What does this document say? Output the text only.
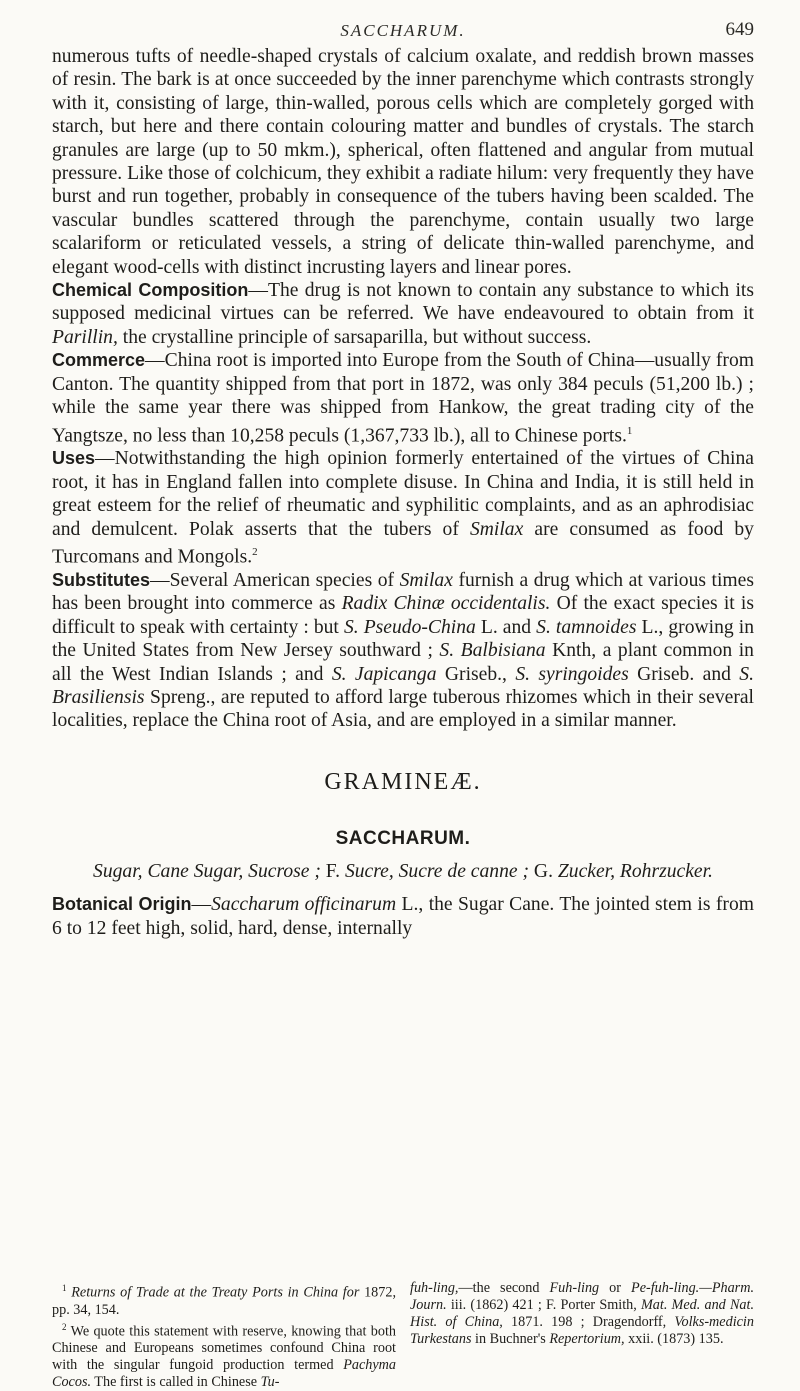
SACCHARUM.	649

numerous tufts of needle-shaped crystals of calcium oxalate, and reddish brown masses of resin. The bark is at once succeeded by the inner parenchyme which contrasts strongly with it, consisting of large, thin-walled, porous cells which are completely gorged with starch, but here and there contain colouring matter and bundles of crystals. The starch granules are large (up to 50 mkm.), spherical, often flattened and angular from mutual pressure. Like those of colchicum, they exhibit a radiate hilum: very frequently they have burst and run together, probably in consequence of the tubers having been scalded. The vascular bundles scattered through the parenchyme, contain usually two large scalariform or reticulated vessels, a string of delicate thin-walled parenchyme, and elegant wood-cells with distinct incrusting layers and linear pores.

Chemical Composition—The drug is not known to contain any substance to which its supposed medicinal virtues can be referred. We have endeavoured to obtain from it Parillin, the crystalline principle of sarsaparilla, but without success.

Commerce—China root is imported into Europe from the South of China—usually from Canton. The quantity shipped from that port in 1872, was only 384 peculs (51,200 lb.) ; while the same year there was shipped from Hankow, the great trading city of the Yangtsze, no less than 10,258 peculs (1,367,733 lb.), all to Chinese ports.$^1$

Uses—Notwithstanding the high opinion formerly entertained of the virtues of China root, it has in England fallen into complete disuse. In China and India, it is still held in great esteem for the relief of rheumatic and syphilitic complaints, and as an aphrodisiac and demulcent. Polak asserts that the tubers of Smilax are consumed as food by Turcomans and Mongols.$^2$

Substitutes—Several American species of Smilax furnish a drug which at various times has been brought into commerce as Radix Chinæ occidentalis. Of the exact species it is difficult to speak with certainty : but S. Pseudo-China L. and S. tamnoides L., growing in the United States from New Jersey southward ; S. Balbisiana Knth, a plant common in all the West Indian Islands ; and S. Japicanga Griseb., S. syringoides Griseb. and S. Brasiliensis Spreng., are reputed to afford large tuberous rhizomes which in their several localities, replace the China root of Asia, and are employed in a similar manner.

GRAMINEÆ.
SACCHARUM.

Sugar, Cane Sugar, Sucrose ; F. Sucre, Sucre de canne ; G. Zucker, Rohrzucker.

Botanical Origin—Saccharum officinarum L., the Sugar Cane. The jointed stem is from 6 to 12 feet high, solid, hard, dense, internally

$^1$ Returns of Trade at the Treaty Ports in China for 1872, pp. 34, 154.

$^2$ We quote this statement with reserve, knowing that both Chinese and Europeans sometimes confound China root with the singular fungoid production termed Pachyma Cocos. The first is called in Chinese Tu-

fuh-ling,—the second Fuh-ling or Pe-fuh-ling.—Pharm. Journ. iii. (1862) 421 ; F. Porter Smith, Mat. Med. and Nat. Hist. of China, 1871. 198 ; Dragendorff, Volks-medicin Turkestans in Buchner's Repertorium, xxii. (1873) 135.
